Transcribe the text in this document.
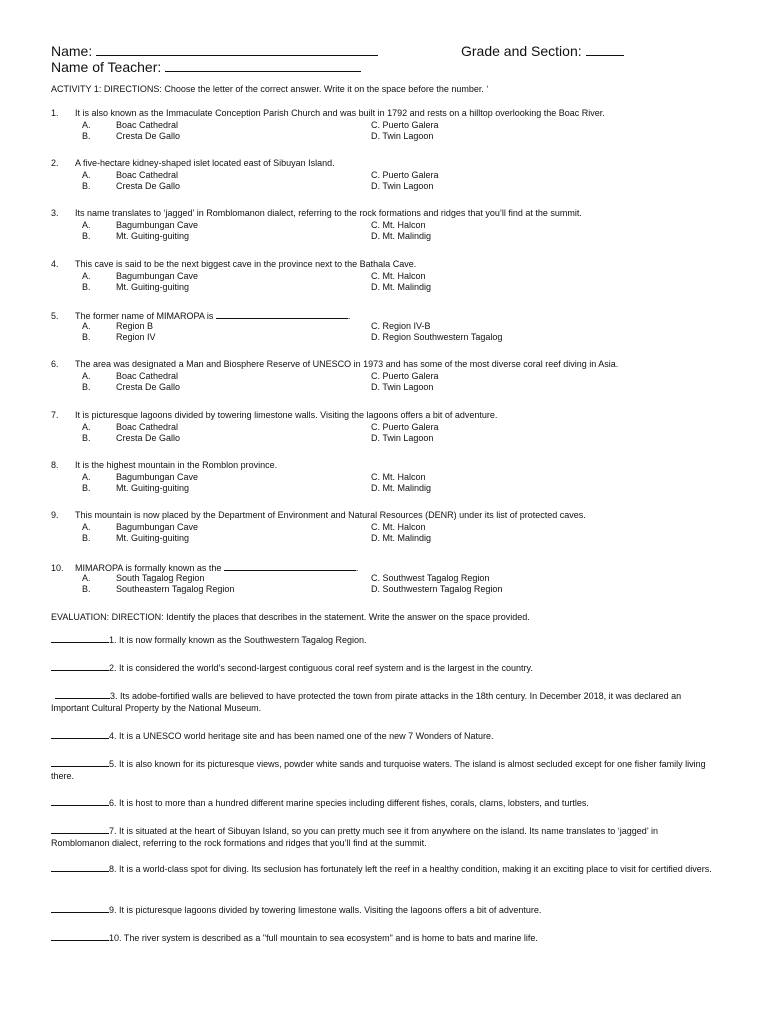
Name:	Grade and Section:
Name of Teacher:
ACTIVITY 1: DIRECTIONS: Choose the letter of the correct answer. Write it on the space before the number. ‘
1. It is also known as the Immaculate Conception Parish Church and was built in 1792 and rests on a hilltop overlooking the Boac River.
A.	Boac Cathedral	C. Puerto Galera
B.	Cresta De Gallo	D. Twin Lagoon
2. A five-hectare kidney-shaped islet located east of Sibuyan Island.
A.	Boac Cathedral	C. Puerto Galera
B.	Cresta De Gallo	D. Twin Lagoon
3. Its name translates to ‘jagged’ in Romblomanon dialect, referring to the rock formations and ridges that you’ll find at the summit.
A.	Bagumbungan Cave	C. Mt. Halcon
B.	Mt. Guiting-guiting	D. Mt. Malindig
4. This cave is said to be the next biggest cave in the province next to the Bathala Cave.
A.	Bagumbungan Cave	C. Mt. Halcon
B.	Mt. Guiting-guiting	D. Mt. Malindig
5. The former name of MIMAROPA is	.
A.	Region B	C. Region IV-B
B.	Region IV	D. Region Southwestern Tagalog
6. The area was designated a Man and Biosphere Reserve of UNESCO in 1973 and has some of the most diverse coral reef diving in Asia.
A.	Boac Cathedral	C. Puerto Galera
B.	Cresta De Gallo	D. Twin Lagoon
7. It is picturesque lagoons divided by towering limestone walls. Visiting the lagoons offers a bit of adventure.
A.	Boac Cathedral	C. Puerto Galera
B.	Cresta De Gallo	D. Twin Lagoon
8. It is the highest mountain in the Romblon province.
A.	Bagumbungan Cave	C. Mt. Halcon
B.	Mt. Guiting-guiting	D. Mt. Malindig
9. This mountain is now placed by the Department of Environment and Natural Resources (DENR) under its list of protected caves.
A.	Bagumbungan Cave	C. Mt. Halcon
B.	Mt. Guiting-guiting	D. Mt. Malindig
10. MIMAROPA is formally known as the	.
A.	South Tagalog Region	C. Southwest Tagalog Region
B.	Southeastern Tagalog Region	D. Southwestern Tagalog Region
EVALUATION: DIRECTION: Identify the places that describes in the statement. Write the answer on the space provided.
1. It is now formally known as the Southwestern Tagalog Region.
2. It is considered the world’s second-largest contiguous coral reef system and is the largest in the country.
3. Its adobe-fortified walls are believed to have protected the town from pirate attacks in the 18th century. In December 2018, it was declared an Important Cultural Property by the National Museum.
4. It is a UNESCO world heritage site and has been named one of the new 7 Wonders of Nature.
5. It is also known for its picturesque views, powder white sands and turquoise waters. The island is almost secluded except for one fisher family living there.
6. It is host to more than a hundred different marine species including different fishes, corals, clams, lobsters, and turtles.
7. It is situated at the heart of Sibuyan Island, so you can pretty much see it from anywhere on the island. Its name translates to ‘jagged’ in Romblomanon dialect, referring to the rock formations and ridges that you’ll find at the summit.
8. It is a world-class spot for diving. Its seclusion has fortunately left the reef in a healthy condition, making it an exciting place to visit for certified divers.
9. It is picturesque lagoons divided by towering limestone walls. Visiting the lagoons offers a bit of adventure.
10. The river system is described as a "full mountain to sea ecosystem" and is home to bats and marine life.
